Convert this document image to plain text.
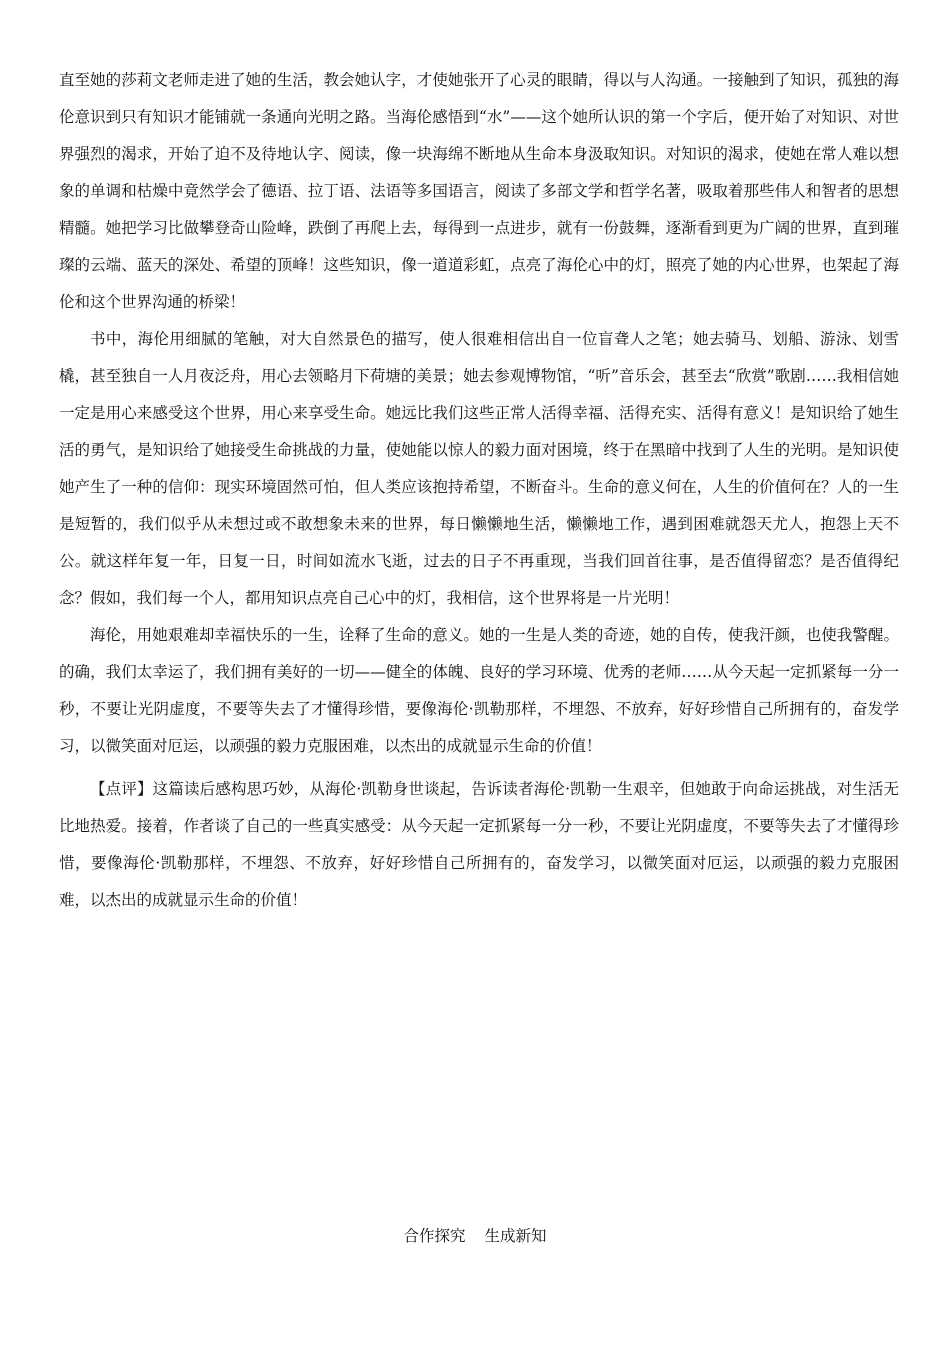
直至她的莎莉文老师走进了她的生活，教会她认字，才使她张开了心灵的眼睛，得以与人沟通。一接触到了知识，孤独的海伦意识到只有知识才能铺就一条通向光明之路。当海伦感悟到“水”——这个她所认识的第一个字后，便开始了对知识、对世界强烈的渴求，开始了迫不及待地认字、阅读，像一块海绵不断地从生命本身汲取知识。对知识的渴求，使她在常人难以想象的单调和枯燥中竟然学会了德语、拉丁语、法语等多国语言，阅读了多部文学和哲学名著，吸取着那些伟人和智者的思想精髓。她把学习比做攀登奇山险峰，跌倒了再爬上去，每得到一点进步，就有一份鼓舞，逐渐看到更为广阔的世界，直到璀璨的云端、蓝天的深处、希望的顶峰！这些知识，像一道道彩虹，点亮了海伦心中的灯，照亮了她的内心世界，也架起了海伦和这个世界沟通的桥梁！

书中，海伦用细腻的笔触，对大自然景色的描写，使人很难相信出自一位盲聋人之笔；她去骑马、划船、游泳、划雪橇，甚至独自一人月夜泛舟，用心去领略月下荷塘的美景；她去参观博物馆，“听”音乐会，甚至去“欣赏”歌剧……我相信她一定是用心来感受这个世界，用心来享受生命。她远比我们这些正常人活得幸福、活得充实、活得有意义！是知识给了她生活的勇气，是知识给了她接受生命挑战的力量，使她能以惊人的毅力面对困境，终于在黑暗中找到了人生的光明。是知识使她产生了一种的信仰：现实环境固然可怕，但人类应该抱持希望，不断奋斗。生命的意义何在，人生的价值何在？人的一生是短暂的，我们似乎从未想过或不敢想象未来的世界，每日懒懒地生活，懒懒地工作，遇到困难就怨天尤人，抱怨上天不公。就这样年复一年，日复一日，时间如流水飞逝，过去的日子不再重现，当我们回首往事，是否值得留恋？是否值得纪念？假如，我们每一个人，都用知识点亮自己心中的灯，我相信，这个世界将是一片光明！

海伦，用她艰难却幸福快乐的一生，诠释了生命的意义。她的一生是人类的奇迹，她的自传，使我汗颜，也使我警醒。的确，我们太幸运了，我们拥有美好的一切——健全的体魄、良好的学习环境、优秀的老师……从今天起一定抓紧每一分一秒，不要让光阴虚度，不要等失去了才懂得珍惜，要像海伦·凯勒那样，不埋怨、不放弃，好好珍惜自己所拥有的，奋发学习，以微笑面对厄运，以顽强的毅力克服困难，以杰出的成就显示生命的价值！

【点评】这篇读后感构思巧妙，从海伦·凯勒身世谈起，告诉读者海伦·凯勒一生艰辛，但她敢于向命运挑战，对生活无比地热爱。接着，作者谈了自己的一些真实感受：从今天起一定抓紧每一分一秒，不要让光阴虚度，不要等失去了才懂得珍惜，要像海伦·凯勒那样，不埋怨、不放弃，好好珍惜自己所拥有的，奋发学习，以微笑面对厄运，以顽强的毅力克服困难，以杰出的成就显示生命的价值！

合作探究 生成新知
